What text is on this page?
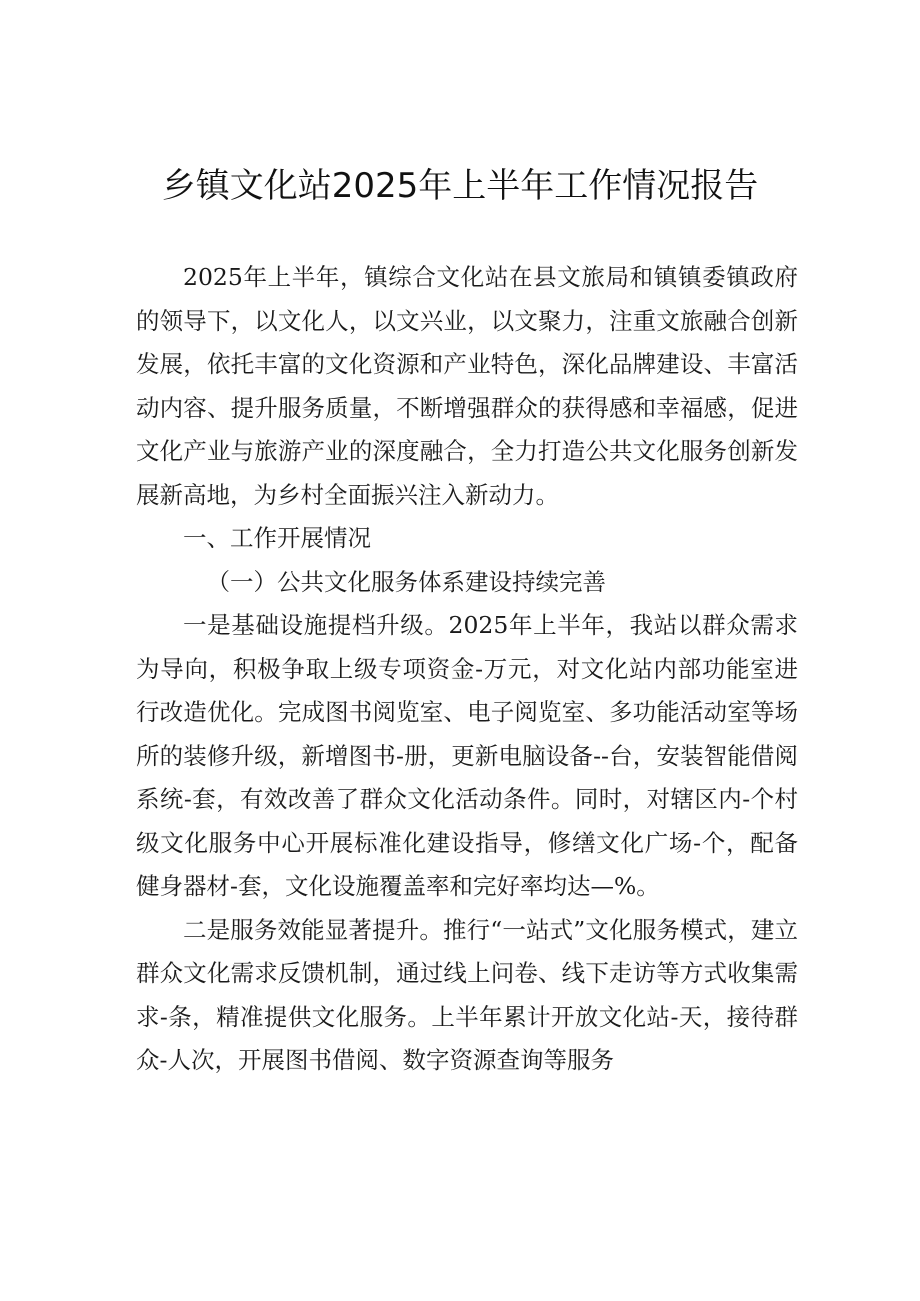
乡镇文化站2025年上半年工作情况报告

2025年上半年，镇综合文化站在县文旅局和镇镇委镇政府的领导下，以文化人，以文兴业，以文聚力，注重文旅融合创新发展，依托丰富的文化资源和产业特色，深化品牌建设、丰富活动内容、提升服务质量，不断增强群众的获得感和幸福感，促进文化产业与旅游产业的深度融合，全力打造公共文化服务创新发展新高地，为乡村全面振兴注入新动力。

一、工作开展情况

（一）公共文化服务体系建设持续完善

一是基础设施提档升级。2025年上半年，我站以群众需求为导向，积极争取上级专项资金-万元，对文化站内部功能室进行改造优化。完成图书阅览室、电子阅览室、多功能活动室等场所的装修升级，新增图书-册，更新电脑设备--台，安装智能借阅系统-套，有效改善了群众文化活动条件。同时，对辖区内-个村级文化服务中心开展标准化建设指导，修缮文化广场-个，配备健身器材-套，文化设施覆盖率和完好率均达—%。

二是服务效能显著提升。推行“一站式”文化服务模式，建立群众文化需求反馈机制，通过线上问卷、线下走访等方式收集需求-条，精准提供文化服务。上半年累计开放文化站-天，接待群众-人次，开展图书借阅、数字资源查询等服务
